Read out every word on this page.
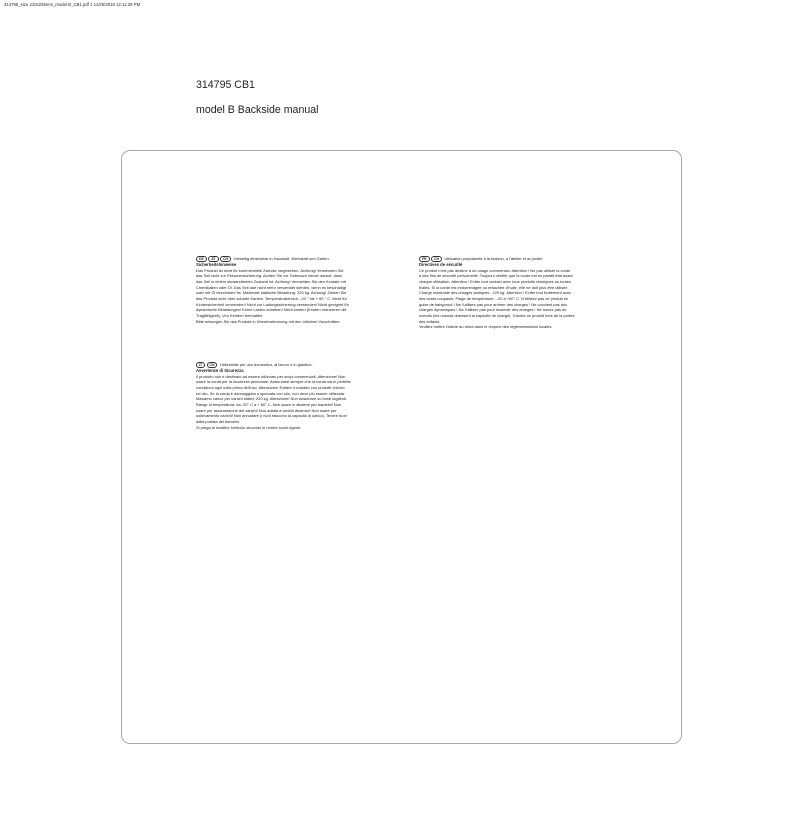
314795_size 210x235mm_model B_CB1.pdf 1 11/26/2018 12:11:29 PM
314795 CB1
model B Backside manual
DE	AT	CH	Vielseitig einsetzbar in Haushalt, Werkstatt und Garten.
Sicherheitshinweise
Das Produkt ist nicht für kommerzielle Zwecke vorgesehen. Achtung! Verwenden Sie
das Seil nicht zur Personensicherung. Achten Sie vor Gebrauch immer darauf, dass
das Seil in einem einwandfreiem Zustand ist. Achtung! Vermeiden Sie den Kontakt mit
Chemikalien oder Öl. Das Seil darf nicht mehr verwendet werden, wenn es beschädigt
oder mit Öl beschmiert ist. Maximale statische Belastung: 220 kg. Achtung! Ziehen Sie
das Produkt nicht über scharfe Kanten. Temperaturbereich: -20 ° bis + 60 ° C. Nicht für
Kindersicherheit verwenden! Nicht zur Ladungssicherung verwenden! Nicht geeignet für
dynamische Belastungen! Keine Lasten anheben! Nicht knoten (Knoten reduzieren die
Tragfähigkeit). Von Kindern fernhalten.
Bitte entsorgen Sie das Produkt in Übereinstimmung mit den örtlichen Vorschriften.
FR	CH	Utilisation polyvalente à la maison, à l'atelier et au jardin.
Directives de sécurité
Ce produit n'est pas destiné à un usage commercial. Attention ! Ne pas utiliser la corde
à des fins de sécurité personnelle. Toujours vérifier que la corde est en parfait état avant
chaque utilisation. Attention ! Eviter tout contact avec tous produits chimiques ou toutes
huiles. Si la corde est endommagée ou entachée d'huile, elle ne doit plus être utilisée.
Charge maximale des charges statiques : 220 kg. Attention ! Eviter tout frottement avec
des bords coupants. Plage de température : -20 à +60° C. N'utilisez pas ce produit en
guise de babyproof ! Ne l'utilisez pas pour arrimer des charges ! Ne convient pas aux
charges dynamiques ! Ne l'utilisez pas pour soulever des charges ! Ne nouez pas de
noeuds (les noeuds réduisent la capacité de charge). Gardez ce produit hors de la portée
des enfants.
Veuillez mettre l'article au rebut dans le respect des réglementations locales.
IT	CH	Utilizzabile per uso domestico, al lavoro e in giardino.
Avvertenze di Sicurezza
Il prodotto non è destinato ad essere utilizzato per scopi commerciali. Attenzione! Non
usare la corda per la sicurezza personale. Assicurarsi sempre che la corda sia in perfette
condizioni ogni volta prima dell'uso. Attenzione! Evitare il contatto con prodotti chimici
ed olio. Se la corda è danneggiata o sporcata con olio, non deve più essere utilizzata.
Massimo carico per carichi statici: 220 kg. Attenzione! Non trascinare su bordi taglienti.
Range di temperatura: da -20° C a + 60° C. Non usare in altalene per bambini! Non
usare per assicurazione dei carichi! Non adatta a carichi dinamici! Non usare per
sollevamento carichi! Non annodare (i nodi riducono la capacità di carico). Tenere fuori
dalla portata dei bambini.
Si prega di smaltire l'articolo secondo le norme locali vigenti.
